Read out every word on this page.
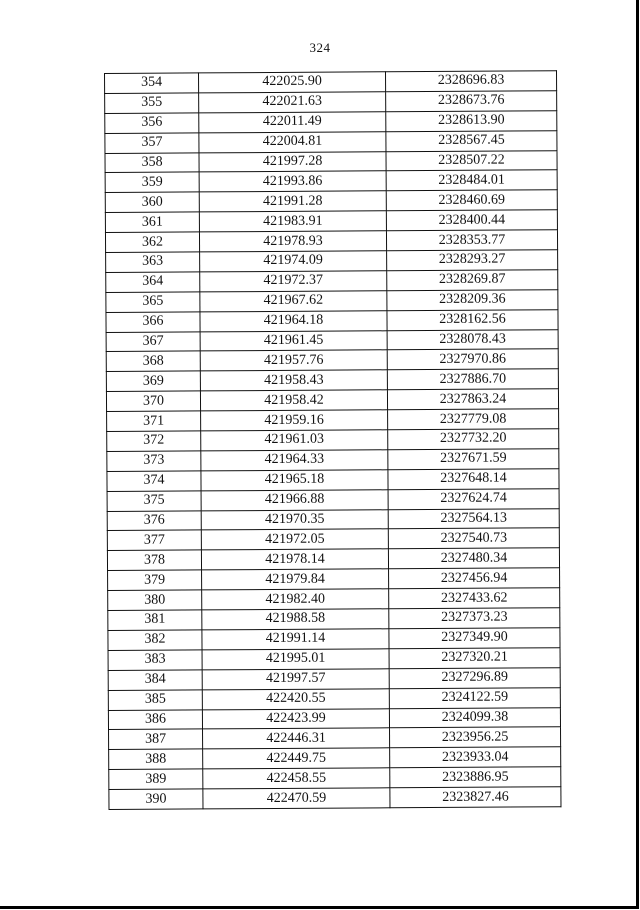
324
354	422025.90	2328696.83
355	422021.63	2328673.76
356	422011.49	2328613.90
357	422004.81	2328567.45
358	421997.28	2328507.22
359	421993.86	2328484.01
360	421991.28	2328460.69
361	421983.91	2328400.44
362	421978.93	2328353.77
363	421974.09	2328293.27
364	421972.37	2328269.87
365	421967.62	2328209.36
366	421964.18	2328162.56
367	421961.45	2328078.43
368	421957.76	2327970.86
369	421958.43	2327886.70
370	421958.42	2327863.24
371	421959.16	2327779.08
372	421961.03	2327732.20
373	421964.33	2327671.59
374	421965.18	2327648.14
375	421966.88	2327624.74
376	421970.35	2327564.13
377	421972.05	2327540.73
378	421978.14	2327480.34
379	421979.84	2327456.94
380	421982.40	2327433.62
381	421988.58	2327373.23
382	421991.14	2327349.90
383	421995.01	2327320.21
384	421997.57	2327296.89
385	422420.55	2324122.59
386	422423.99	2324099.38
387	422446.31	2323956.25
388	422449.75	2323933.04
389	422458.55	2323886.95
390	422470.59	2323827.46
